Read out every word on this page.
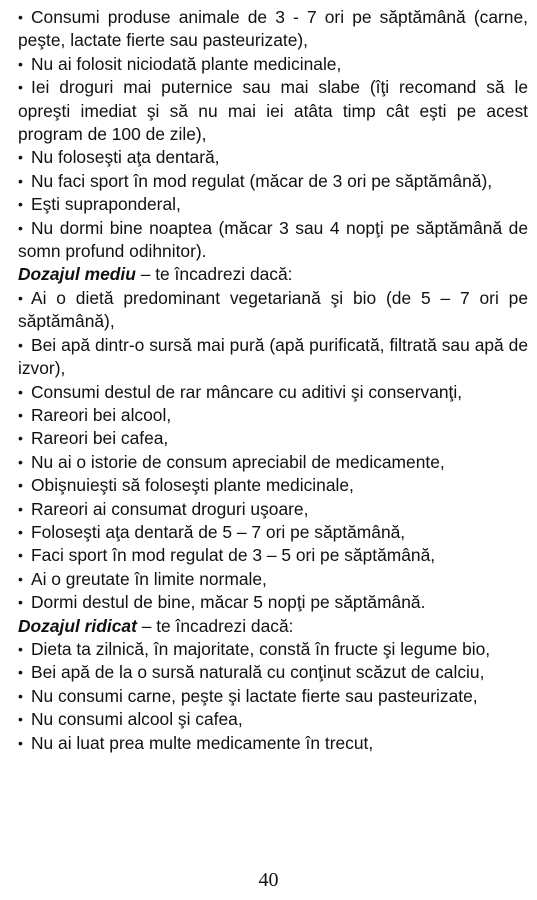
• Consumi produse animale de 3 - 7 ori pe săptămână (carne, peşte, lactate fierte sau pasteurizate),

• Nu ai folosit niciodată plante medicinale,

• Iei droguri mai puternice sau mai slabe (îţi recomand să le opreşti imediat şi să nu mai iei atâta timp cât eşti pe acest program de 100 de zile),

• Nu foloseşti aţa dentară,

• Nu faci sport în mod regulat (măcar de 3 ori pe săptămână),

• Eşti supraponderal,

• Nu dormi bine noaptea (măcar 3 sau 4 nopţi pe săptămână de somn profund odihnitor).

Dozajul mediu – te încadrezi dacă:

• Ai o dietă predominant vegetariană şi bio (de 5 – 7 ori pe săptămână),

• Bei apă dintr-o sursă mai pură (apă purificată, filtrată sau apă de izvor),

• Consumi destul de rar mâncare cu aditivi şi conservanţi,

• Rareori bei alcool,

• Rareori bei cafea,

• Nu ai o istorie de consum apreciabil de medicamente,

• Obişnuieşti să foloseşti plante medicinale,

• Rareori ai consumat droguri uşoare,

• Foloseşti aţa dentară de 5 – 7 ori pe săptămână,

• Faci sport în mod regulat de 3 – 5 ori pe săptămână,

• Ai o greutate în limite normale,

• Dormi destul de bine, măcar 5 nopţi pe săptămână.

Dozajul ridicat – te încadrezi dacă:

• Dieta ta zilnică, în majoritate, constă în fructe şi legume bio,

• Bei apă de la o sursă naturală cu conţinut scăzut de calciu,

• Nu consumi carne, peşte şi lactate fierte sau pasteurizate,

• Nu consumi alcool şi cafea,

• Nu ai luat prea multe medicamente în trecut,

40
